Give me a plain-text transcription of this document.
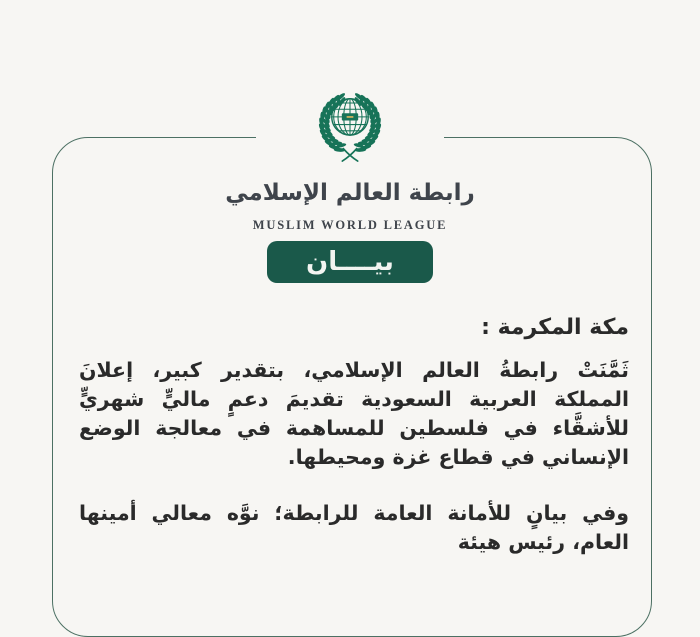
مكة المكرمة :

ثَمَّنَتْ رابطةُ العالم الإسلامي، بتقدير كبير، إعلانَ المملكة العربية السعودية تقديمَ دعمٍ ماليٍّ شهريٍّ للأشقَّاء في فلسطين للمساهمة في معالجة الوضع الإنساني في قطاع غزة ومحيطها.

وفي بيانٍ للأمانة العامة للرابطة؛ نوَّه معالي أمينها العام، رئيس هيئة

رابطة العالم الإسلامي
MUSLIM WORLD LEAGUE
بيــــان
